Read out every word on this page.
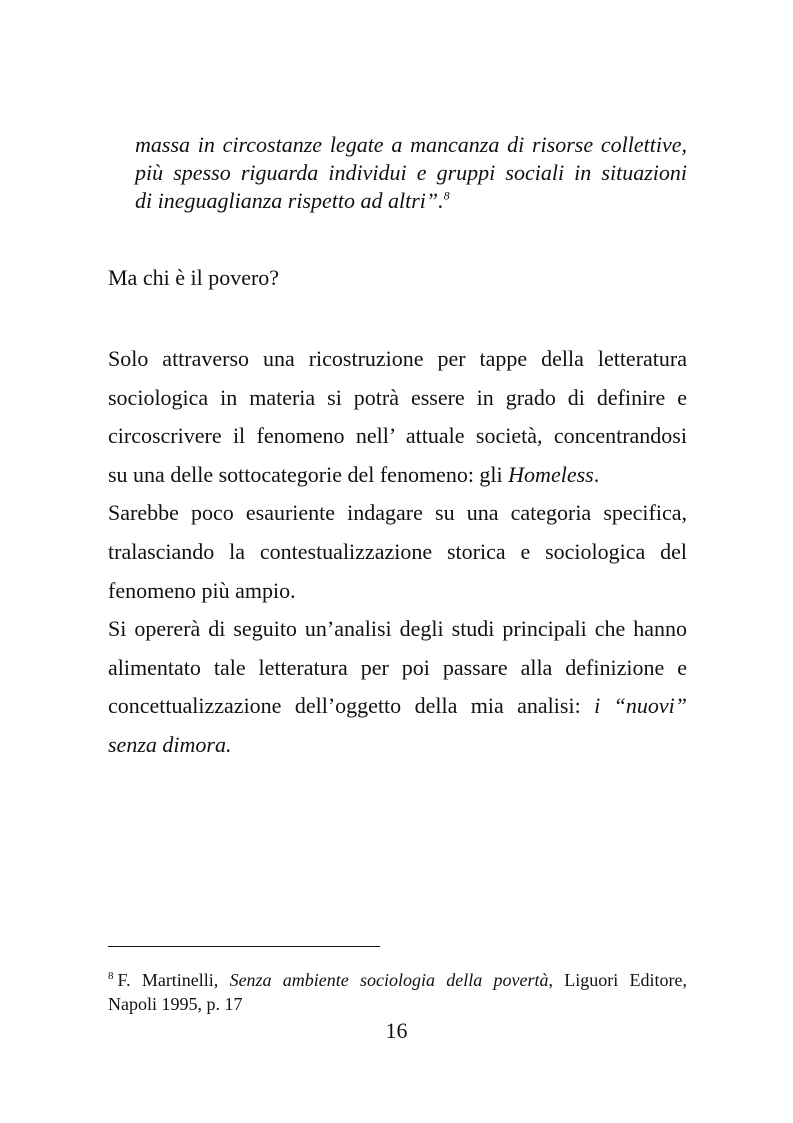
massa in circostanze legate a mancanza di risorse collettive,
più spesso riguarda individui e gruppi sociali in situazioni
di ineguaglianza rispetto ad altri”.$^8$
Ma chi è il povero?
Solo attraverso una ricostruzione per tappe della letteratura
sociologica in materia si potrà essere in grado di definire e
circoscrivere il fenomeno nell’ attuale società, concentrandosi
su una delle sottocategorie del fenomeno: gli Homeless.
Sarebbe poco esauriente indagare su una categoria specifica,
tralasciando la contestualizzazione storica e sociologica del
fenomeno più ampio.
Si opererà di seguito un’analisi degli studi principali che hanno
alimentato tale letteratura per poi passare alla definizione e
concettualizzazione dell’oggetto della mia analisi: i “nuovi”
senza dimora.
$^8$ F. Martinelli, Senza ambiente sociologia della povertà, Liguori Editore,
Napoli 1995, p. 17
16
